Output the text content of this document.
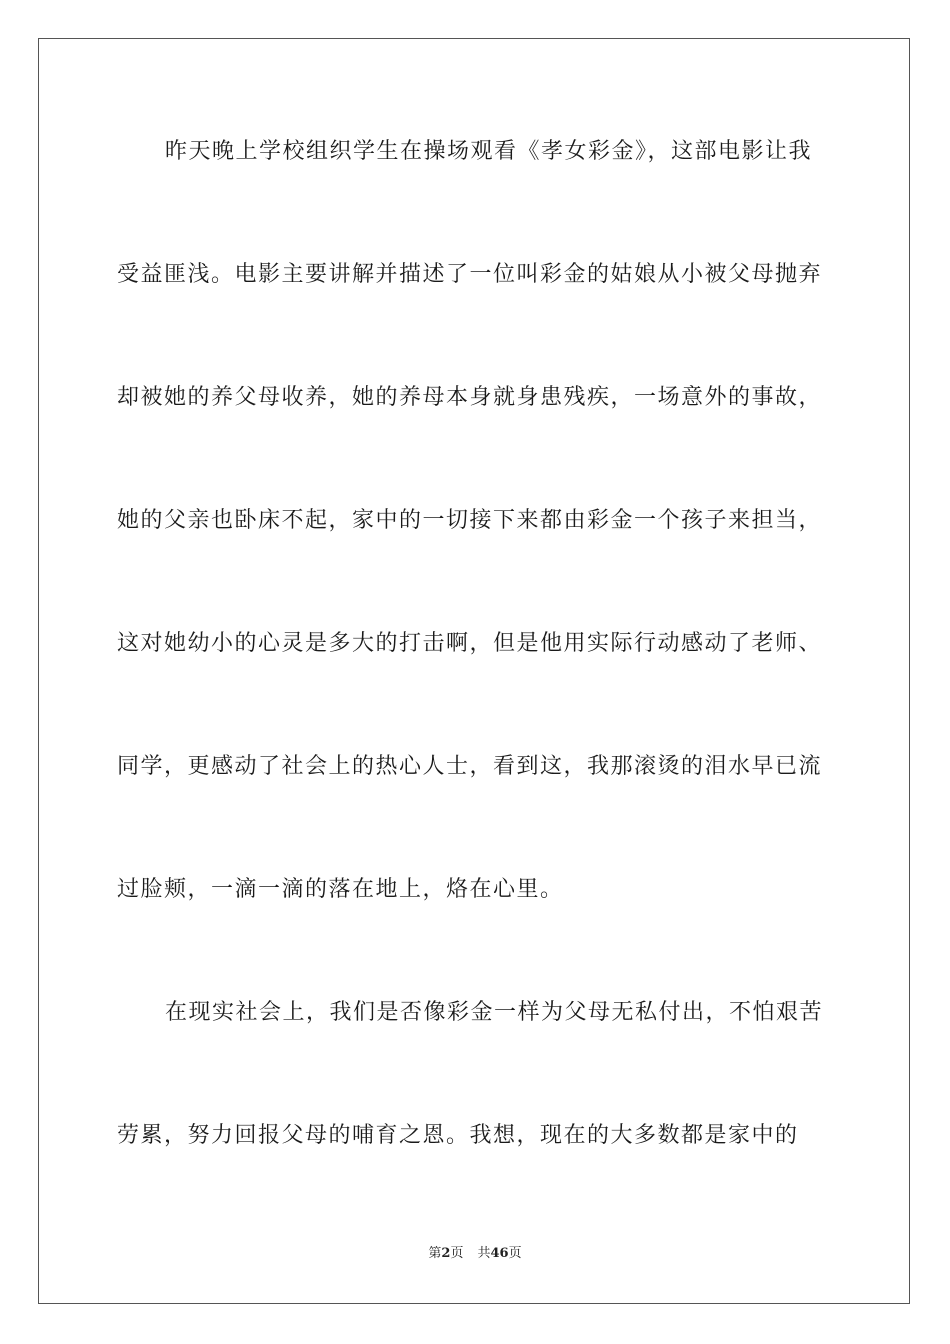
昨天晚上学校组织学生在操场观看《孝女彩金》，这部电影让我
受益匪浅。电影主要讲解并描述了一位叫彩金的姑娘从小被父母抛弃
却被她的养父母收养，她的养母本身就身患残疾，一场意外的事故，
她的父亲也卧床不起，家中的一切接下来都由彩金一个孩子来担当，
这对她幼小的心灵是多大的打击啊，但是他用实际行动感动了老师、
同学，更感动了社会上的热心人士，看到这，我那滚烫的泪水早已流
过脸颊，一滴一滴的落在地上，烙在心里。
在现实社会上，我们是否像彩金一样为父母无私付出，不怕艰苦
劳累，努力回报父母的哺育之恩。我想，现在的大多数都是家中的
第2页 共46页
